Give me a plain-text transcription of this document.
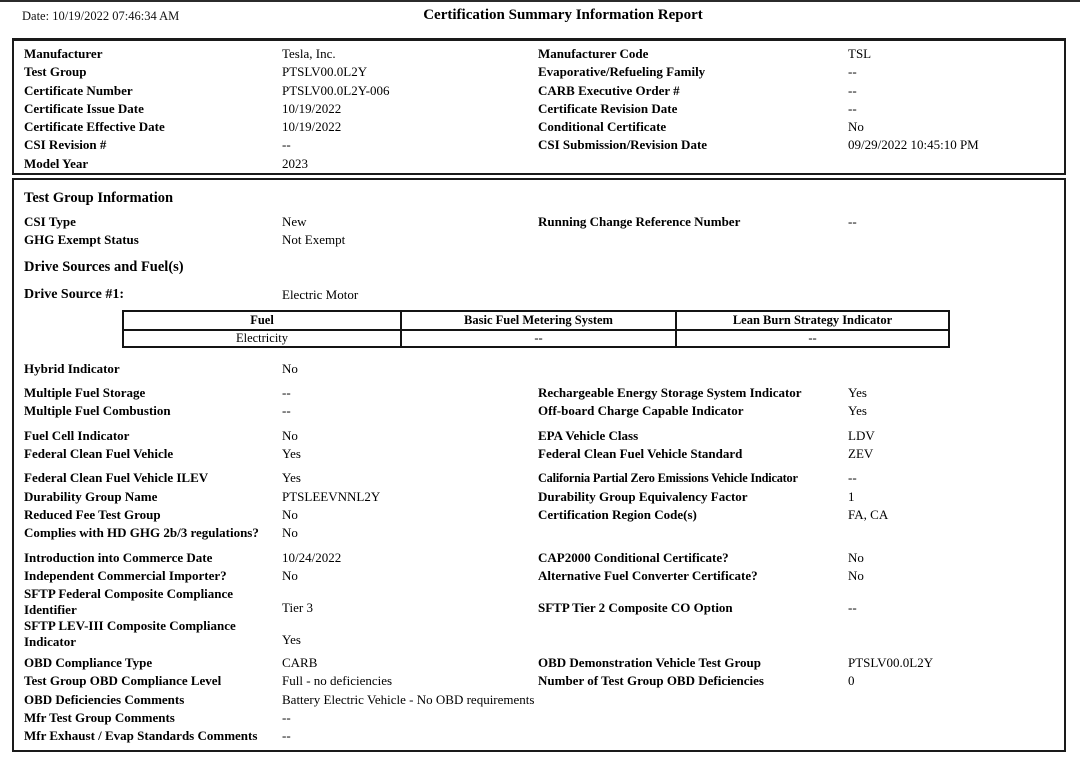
Date: 10/19/2022 07:46:34 AM	Certification Summary Information Report
Manufacturer	Tesla, Inc.	Manufacturer Code	TSL
Test Group	PTSLV00.0L2Y	Evaporative/Refueling Family	--
Certificate Number	PTSLV00.0L2Y-006	CARB Executive Order #	--
Certificate Issue Date	10/19/2022	Certificate Revision Date	--
Certificate Effective Date	10/19/2022	Conditional Certificate	No
CSI Revision #	--	CSI Submission/Revision Date	09/29/2022 10:45:10 PM
Model Year	2023
Test Group Information
CSI Type	New	Running Change Reference Number	--
GHG Exempt Status	Not Exempt
Drive Sources and Fuel(s)
Drive Source #1:	Electric Motor
Fuel	Basic Fuel Metering System	Lean Burn Strategy Indicator
Electricity	--	--
Hybrid Indicator	No
Multiple Fuel Storage	--	Rechargeable Energy Storage System Indicator	Yes
Multiple Fuel Combustion	--	Off-board Charge Capable Indicator	Yes
Fuel Cell Indicator	No	EPA Vehicle Class	LDV
Federal Clean Fuel Vehicle	Yes	Federal Clean Fuel Vehicle Standard	ZEV
Federal Clean Fuel Vehicle ILEV	Yes	California Partial Zero Emissions Vehicle Indicator	--
Durability Group Name	PTSLEEVNNL2Y	Durability Group Equivalency Factor	1
Reduced Fee Test Group	No	Certification Region Code(s)	FA, CA
Complies with HD GHG 2b/3 regulations?	No
Introduction into Commerce Date	10/24/2022	CAP2000 Conditional Certificate?	No
Independent Commercial Importer?	No	Alternative Fuel Converter Certificate?	No
SFTP Federal Composite Compliance
Identifier	Tier 3	SFTP Tier 2 Composite CO Option	--
SFTP LEV-III Composite Compliance
Indicator	Yes
OBD Compliance Type	CARB	OBD Demonstration Vehicle Test Group	PTSLV00.0L2Y
Test Group OBD Compliance Level	Full - no deficiencies	Number of Test Group OBD Deficiencies	0
OBD Deficiencies Comments	Battery Electric Vehicle - No OBD requirements
Mfr Test Group Comments	--
Mfr Exhaust / Evap Standards Comments	--
